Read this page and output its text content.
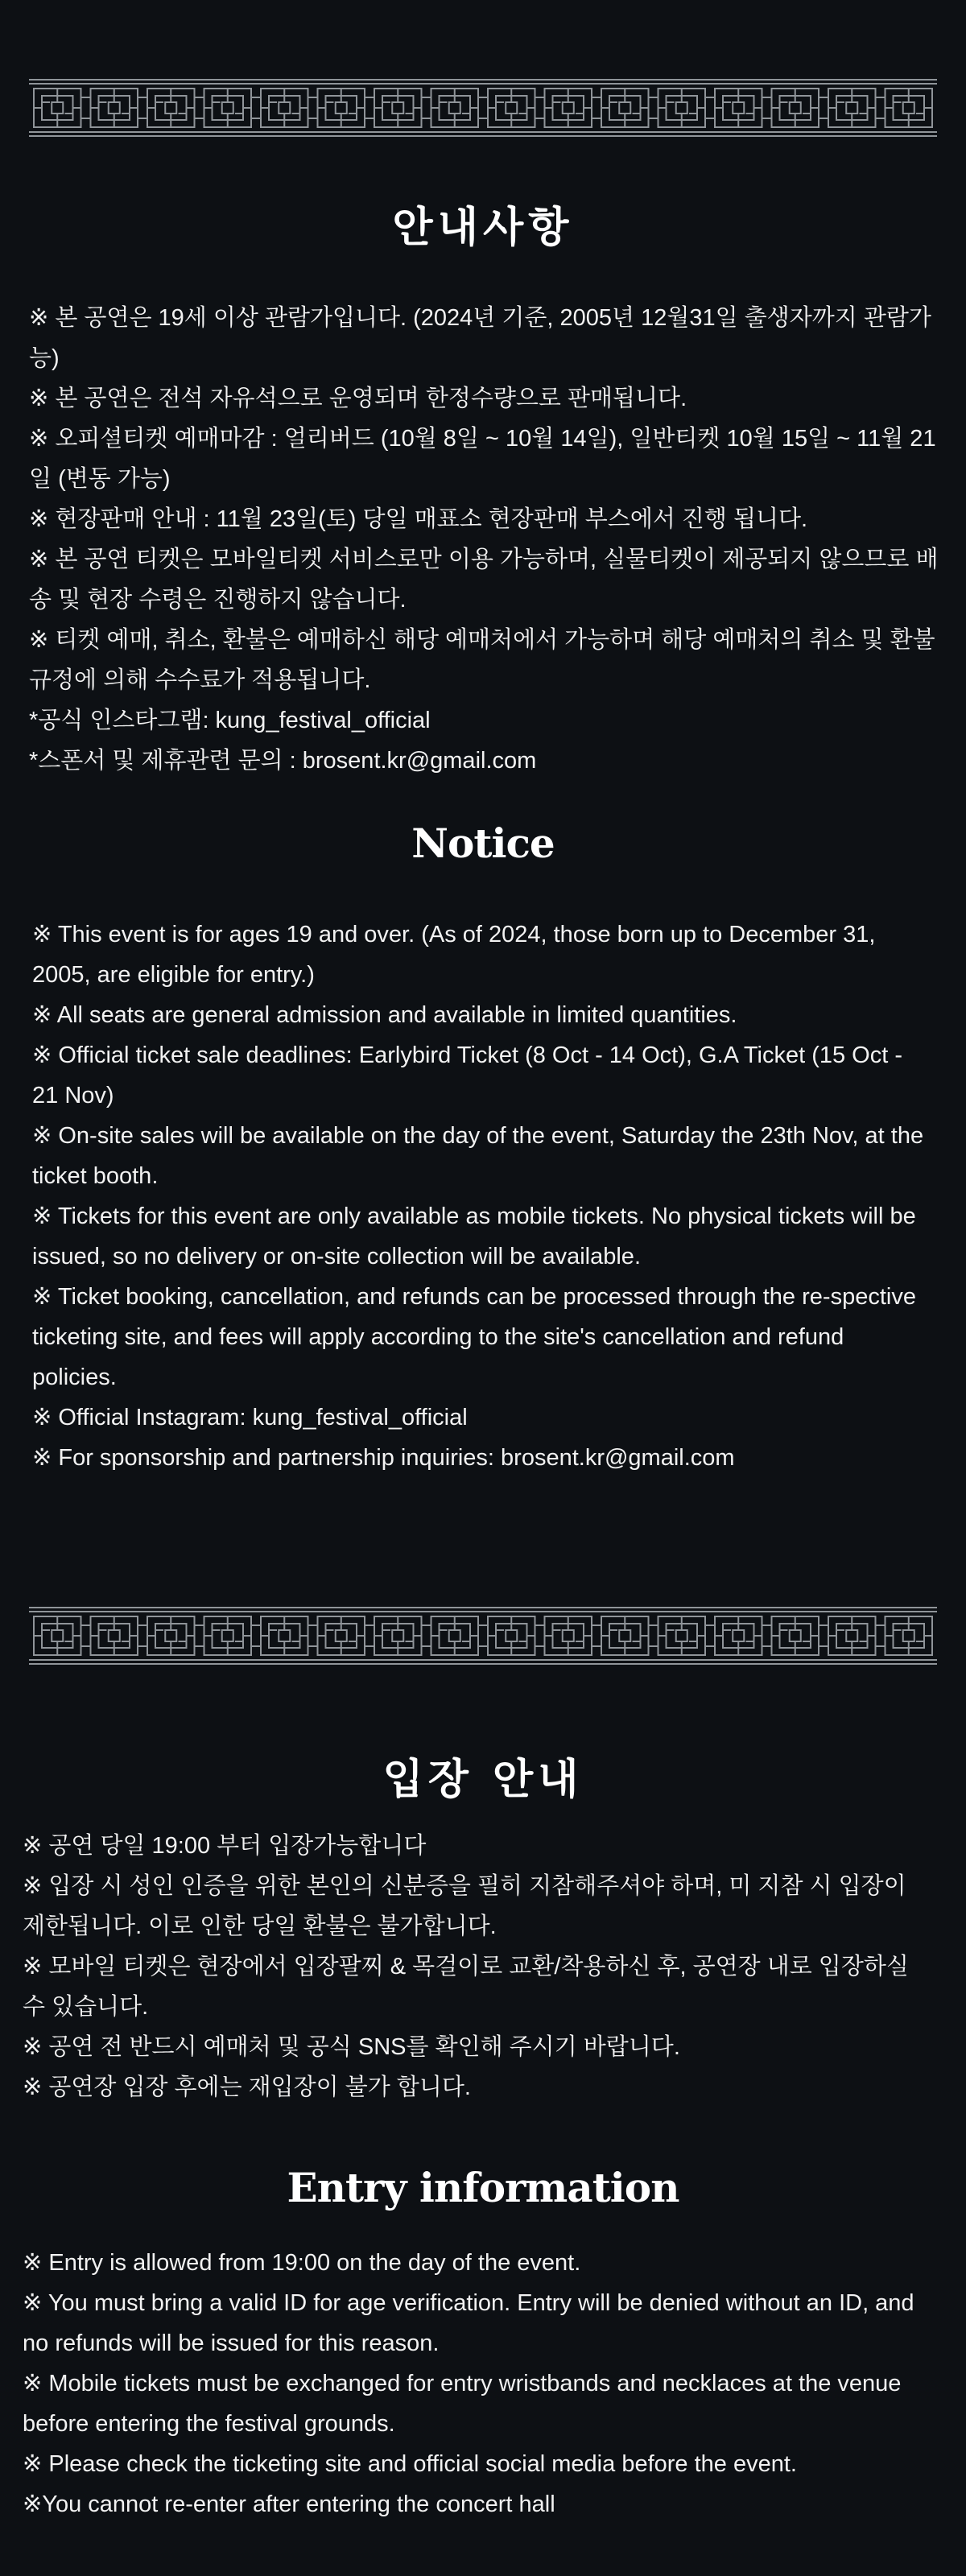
안내사항
※ 본 공연은 19세 이상 관람가입니다. (2024년 기준, 2005년 12월31일 출생자까지 관람가능)
※ 본 공연은 전석 자유석으로 운영되며 한정수량으로 판매됩니다.
※ 오피셜티켓 예매마감 : 얼리버드 (10월 8일 ~ 10월 14일), 일반티켓 10월 15일 ~ 11월 21일 (변동 가능)
※ 현장판매 안내 : 11월 23일(토) 당일 매표소 현장판매 부스에서 진행 됩니다.
※ 본 공연 티켓은 모바일티켓 서비스로만 이용 가능하며, 실물티켓이 제공되지 않으므로 배송 및 현장 수령은 진행하지 않습니다.
※ 티켓 예매, 취소, 환불은 예매하신 해당 예매처에서 가능하며 해당 예매처의 취소 및 환불 규정에 의해 수수료가 적용됩니다.
*공식 인스타그램: kung_festival_official
*스폰서 및 제휴관련 문의 : brosent.kr@gmail.com
Notice
※ This event is for ages 19 and over. (As of 2024, those born up to December 31, 2005, are eligible for entry.)
※ All seats are general admission and available in limited quantities.
※ Official ticket sale deadlines: Earlybird Ticket (8 Oct - 14 Oct), G.A Ticket (15 Oct - 21 Nov)
※ On-site sales will be available on the day of the event, Saturday the 23th Nov, at the ticket booth.
※ Tickets for this event are only available as mobile tickets. No physical tickets will be issued, so no delivery or on-site collection will be available.
※ Ticket booking, cancellation, and refunds can be processed through the re-spective ticketing site, and fees will apply according to the site's cancellation and refund policies.
※ Official Instagram: kung_festival_official
※ For sponsorship and partnership inquiries: brosent.kr@gmail.com
입장 안내
※ 공연 당일 19:00 부터 입장가능합니다
※ 입장 시 성인 인증을 위한 본인의 신분증을 필히 지참해주셔야 하며, 미 지참 시 입장이 제한됩니다. 이로 인한 당일 환불은 불가합니다.
※ 모바일 티켓은 현장에서 입장팔찌 & 목걸이로 교환/착용하신 후, 공연장 내로 입장하실 수 있습니다.
※ 공연 전 반드시 예매처 및 공식 SNS를 확인해 주시기 바랍니다.
※ 공연장 입장 후에는 재입장이 불가 합니다.
Entry information
※ Entry is allowed from 19:00 on the day of the event.
※ You must bring a valid ID for age verification. Entry will be denied without an ID, and no refunds will be issued for this reason.
※ Mobile tickets must be exchanged for entry wristbands and necklaces at the venue before entering the festival grounds.
※ Please check the ticketing site and official social media before the event.
※You cannot re-enter after entering the concert hall
